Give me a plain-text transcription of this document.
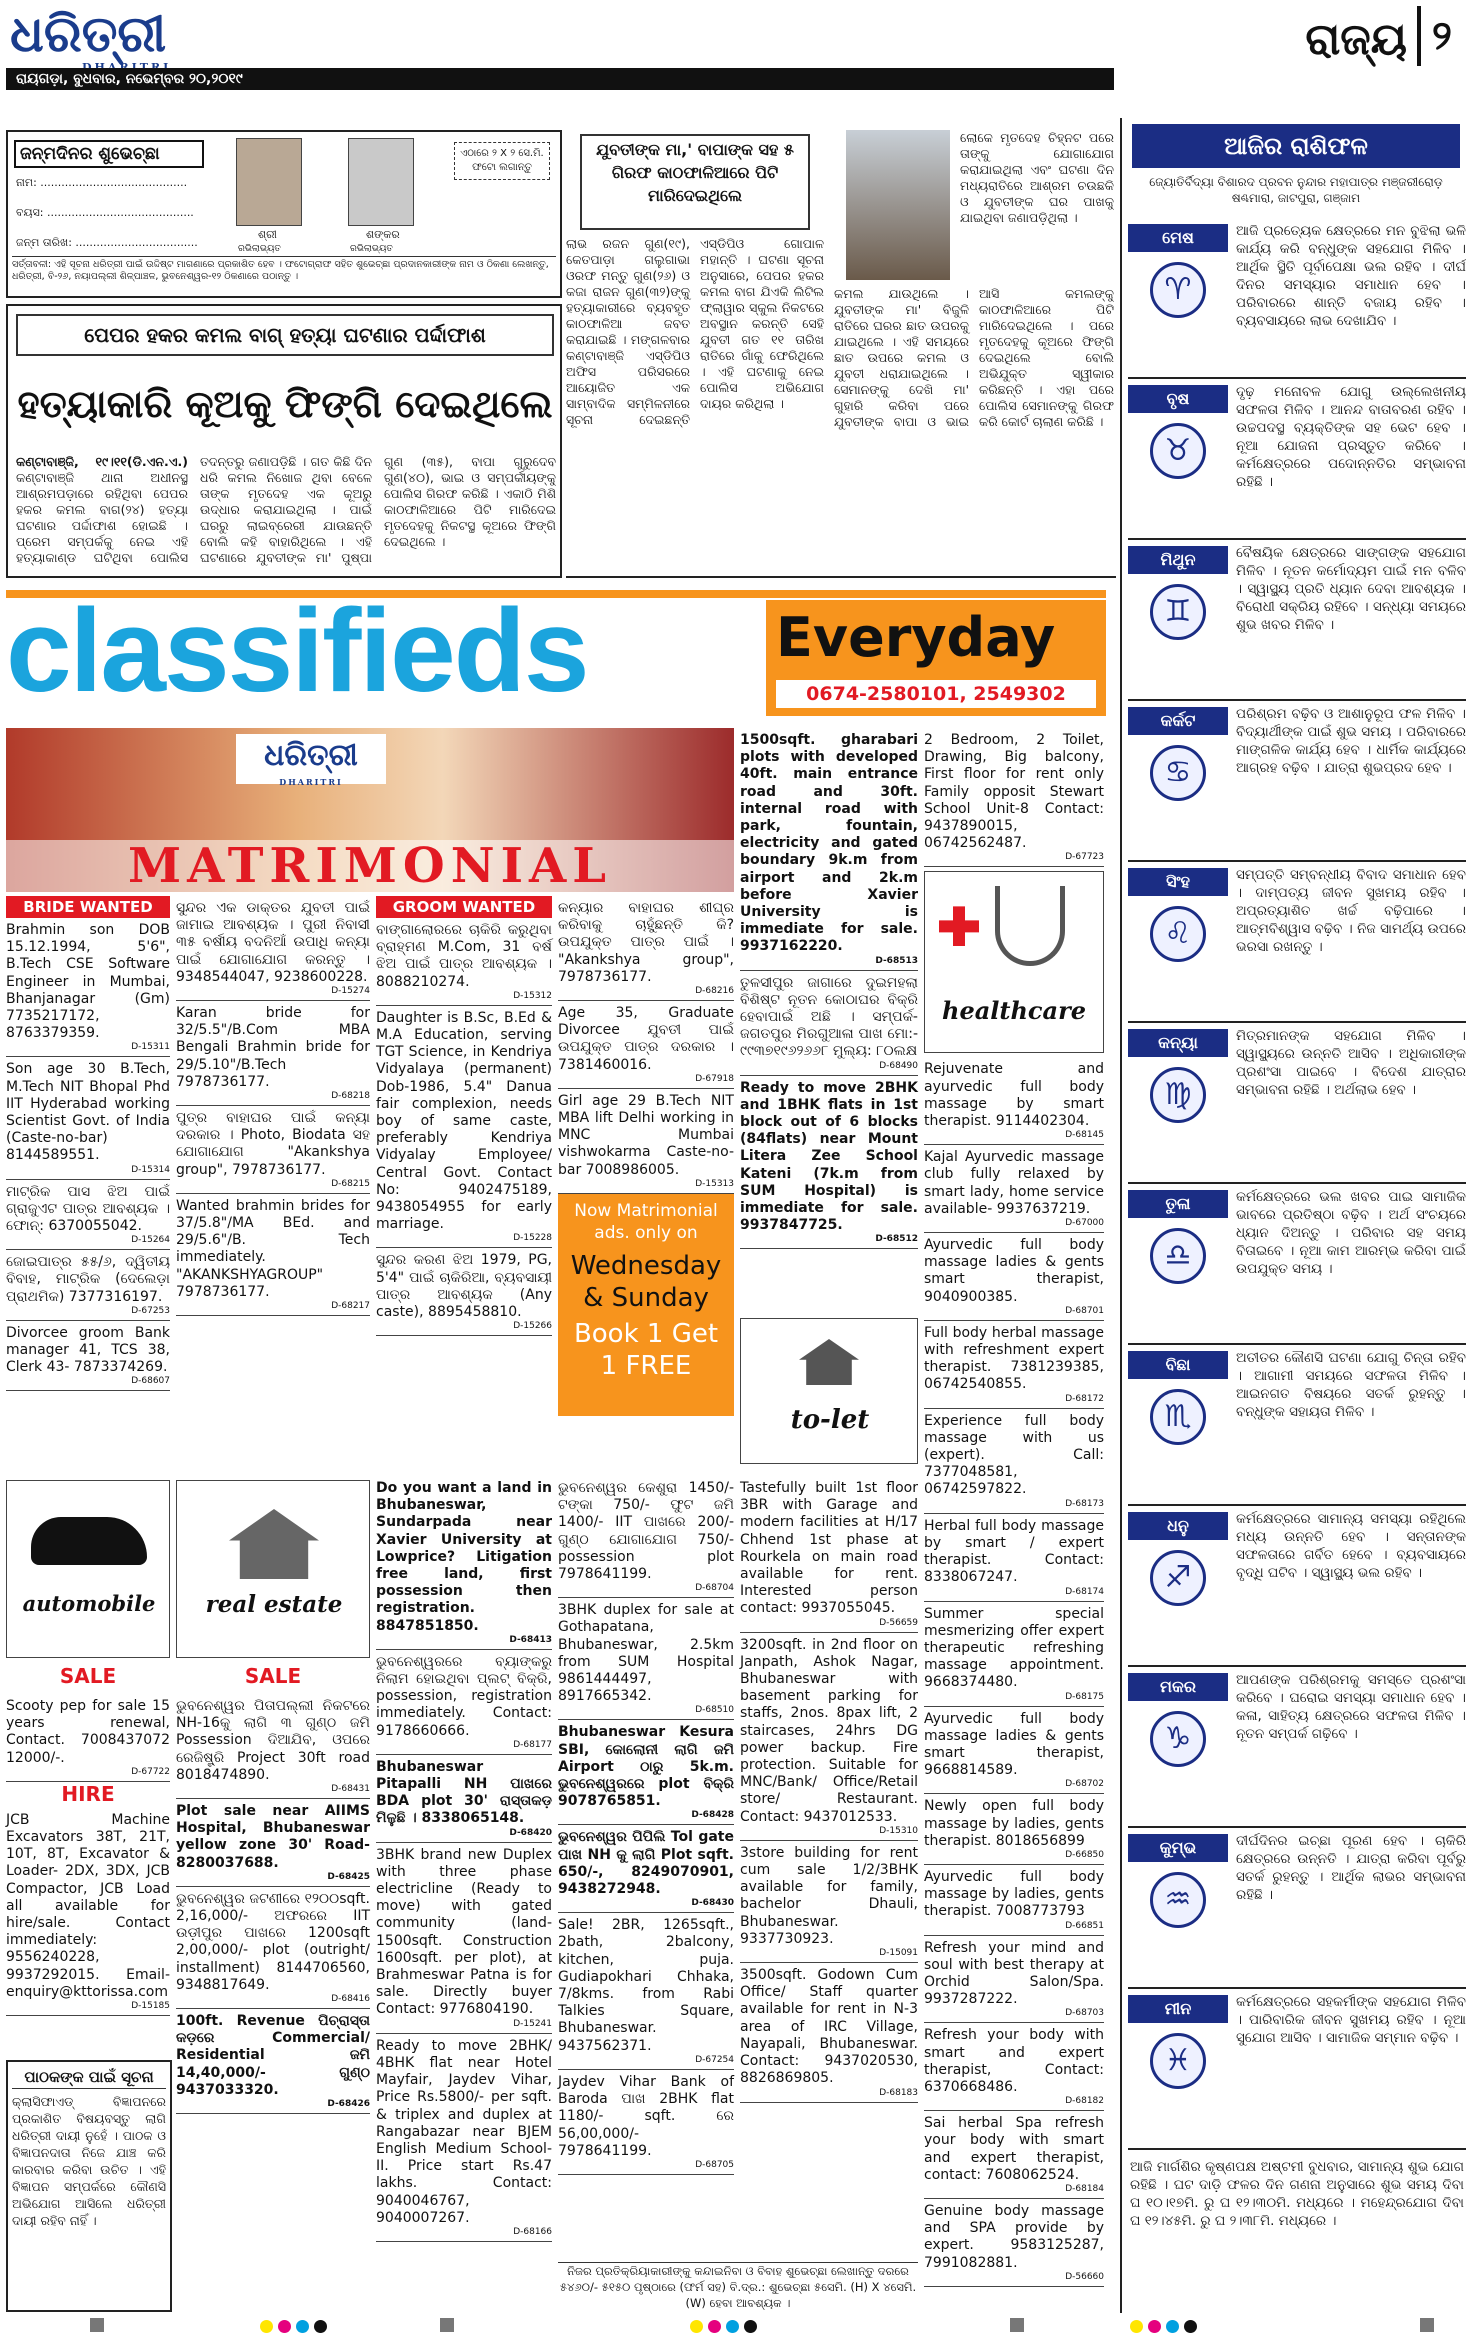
ଧରିତ୍ରୀ	ରାଜ୍ୟ ୨
ରାୟଗଡ଼ା, ବୁଧବାର, ନଭେମ୍ବର ୨୦,୨୦୧୯
ଜନ୍ମଦିନର ଶୁଭେଚ୍ଛା
ନାମ: ..........................................
ବୟସ: ..........................................
ଜନ୍ମ ତାରିଖ: ...................................
ଶ୍ରୀ
ରଭିଲାଭ୍‌ୟତ
ଶଙ୍କର
ରଭିଲାଭ୍‌ୟତ
ଏଠାରେ ୨ X ୨ ସେ.ମି. ଫଟୋ ଲଗାନ୍ତୁ
ସର୍ତ୍ତାବଳୀ: ଏହି ସୂଚନା ଧରିତ୍ରୀ ପାଇଁ ଉଦ୍ଦିଷ୍ଟ ମାଗଣାରେ ପ୍ରକାଶିତ ହେବ । ଫଟୋଗ୍ରାଫ ସହିତ ଶୁଭେଚ୍ଛା ପ୍ରଦାନକାରୀଙ୍କ ନାମ ଓ ଠିକଣା ଲେଖନ୍ତୁ, ଧରିତ୍ରୀ, ବି-୨୬, ନୟାପଲ୍ଲୀ ଶିଳ୍ପାଞ୍ଚଳ, ଭୁବନେଶ୍ୱର-୧୨ ଠିକଣାରେ ପଠାନ୍ତୁ ।
ପେପର ହକର କମଲ ବାଗ୍‌ ହତ୍ୟା ଘଟଣାର ପର୍ଦ୍ଦାଫାଶ
ହତ୍ୟାକାରି କୂଅକୁ ଫିଙ୍ଗି ଦେଇଥିଲେ
କଣ୍ଟାବାଞ୍ଜି, ୧୯।୧୧(ଡି.ଏନ.ଏ.) କଣ୍ଟାବାଞ୍ଜି ଥାନା ଅଧୀନସ୍ଥ ଆଶ୍ରମପଡ଼ାରେ ରହିଥିବା ପେପର ହକର କମଲ ବାଗ(୨୪) ହତ୍ୟା ଘଟଣାର ପର୍ଦ୍ଦାଫାଶ ହୋଇଛି । ପ୍ରେମ ସମ୍ପର୍କକୁ ନେଇ ଏହି ହତ୍ୟାକାଣ୍ଡ ଘଟିଥିବା ପୋଲିସ ତଦନ୍ତରୁ ଜଣାପଡ଼ିଛି । ଗତ କିଛି ଦିନ ଧରି କମଲ ନିଖୋଜ ଥିବା ବେଳେ ତାଙ୍କ ମୃତଦେହ ଏକ କୂଅରୁ ଉଦ୍ଧାର କରାଯାଇଥିଲା । ପାଇଁ ଘରରୁ ଲାଇବ୍ରେରୀ ଯାଉଛନ୍ତି ବୋଲି କହି ବାହାରିଥିଲେ । ଏହି ଘଟଣାରେ ଯୁବତୀଙ୍କ ମା' ପୁଷ୍ପା ଗୁଣ (୩୫), ବାପା ଗୁରୁଦେବ ଗୁଣ(୪୦), ଭାଇ ଓ ସମ୍ପର୍କୀୟଙ୍କୁ ପୋଲିସ ଗିରଫ କରିଛି । ଏକାଠି ମିଶି କାଠଫାଳିଆରେ ପିଟି ମାରିଦେଇ ମୃତଦେହକୁ ନିକଟସ୍ଥ କୂଅରେ ଫିଙ୍ଗି ଦେଇଥିଲେ ।
ଯୁବତୀଙ୍କ ମା,' ବାପାଙ୍କ ସହ ୫ ଗିରଫ କାଠଫାଳିଆରେ ପିଟି ମାରିଦେଇଥିଲେ
ଲୋକେ ମୃତଦେହ ଚିହ୍ନଟ ପରେ ତାଙ୍କୁ ଯୋଗାଯୋଗ କରାଯାଇଥିଲା ଏବଂ ଘଟଣା ଦିନ ମଧ୍ୟରାତିରେ ଆଶ୍ରମ ଚଉଛକି ଓ ଯୁବତୀଙ୍କ ଘର ପାଖକୁ ଯାଇଥିବା ଜଣାପଡ଼ିଥିଲା ।
ଲାଭ ରଜନ ଗୁଣ(୧୯), କେତପାଡ଼ା ଗଲୁଗାଭା ଓରଫ ମନ୍ତୁ ଗୁଣ(୨୬) ଓ କଜା ରାଜନ ଗୁଣ(୩୨)ଙ୍କୁ ହତ୍ୟାକାରୀରେ ବ୍ୟବହୃତ କାଠଫାଳିଆ ଜବତ କରାଯାଇଛି । ମଙ୍ଗଳବାର କଣ୍ଟାବାଞ୍ଜି ଏସ୍‌ଡିପିଓ ଅଫିସ ପରିସରରେ ଆୟୋଜିତ ଏକ ସାମ୍ବାଦିକ ସମ୍ମିଳନୀରେ ସୂଚନା ଦେଇଛନ୍ତି ଏସ୍‌ଡିପିଓ ଗୋପାଳ ମହାନ୍ତି । ଘଟଣା ସୂଚନା ଅନୁସାରେ, ପେପର ହକର କମଲ ବାଗ ଯିଏକି ଲିଟିଲ ଫ୍ଲାୱାର ସ୍କୁଲ ନିକଟରେ ଅବସ୍ଥାନ କରନ୍ତି ସେହି ଯୁବତୀ ଗତ ୧୧ ତାରିଖ ରାତିରେ ଗାଁକୁ ଫେରିଥିଲେ । ଏହି ଘଟଣାକୁ ନେଇ ପୋଲିସ ଅଭିଯୋଗ ଦାୟର କରିଥିଲା ।
କମଲ ଯାଉଥିଲେ । ଯୁବତୀଙ୍କ ମା' ବିଜୁଳି ରାତିରେ ଘରର ଛାତ ଉପରକୁ ଯାଇଥିଲେ । ଏହି ସମୟରେ ଛାତ ଉପରେ କମଲ ଓ ଯୁବତୀ ଧରାଯାଇଥିଲେ । ସେମାନଙ୍କୁ ଦେଖି ମା' ଗୁହାରି କରିବା ପରେ ଯୁବତୀଙ୍କ ବାପା ଓ ଭାଇ ଆସି କମଲଙ୍କୁ କାଠଫାଳିଆରେ ପିଟି ମାରିଦେଇଥିଲେ । ପରେ ମୃତଦେହକୁ କୂଅରେ ଫିଙ୍ଗି ଦେଇଥିଲେ ବୋଲି ଅଭିଯୁକ୍ତ ସ୍ୱୀକାର କରିଛନ୍ତି । ଏହା ପରେ ପୋଲିସ ସେମାନଙ୍କୁ ଗିରଫ କରି କୋର୍ଟ ଚାଲାଣ କରିଛି ।
ଆଜିର ରାଶିଫଳ
ଜ୍ୟୋତିର୍ବିଦ୍ୟା ବିଶାରଦ ପ୍ରବନ ନୁନ୍ଦାର ମହାପାତ୍ର ମଞ୍ଜରୀରୋଡ଼ ଷଣ୍ଢମାରା, ଜାଟପୁରା, ଗଞ୍ଜାମ
ମେଷ
♈
ଆଜି ପ୍ରତ୍ୟେକ କ୍ଷେତ୍ରରେ ମନ ବୁଝିଲା ଭଳି କାର୍ଯ୍ୟ କରି ବନ୍ଧୁଙ୍କ ସହଯୋଗ ମିଳିବ । ଆର୍ଥିକ ସ୍ଥିତି ପୂର୍ବାପେକ୍ଷା ଭଲ ରହିବ । ଦୀର୍ଘ ଦିନର ସମସ୍ୟାର ସମାଧାନ ହେବ । ପରିବାରରେ ଶାନ୍ତି ବଜାୟ ରହିବ । ବ୍ୟବସାୟରେ ଲାଭ ଦେଖାଯିବ ।
ବୃଷ
♉
ଦୃଢ଼ ମନୋବଳ ଯୋଗୁ ଉଲ୍ଲେଖନୀୟ ସଫଳତା ମିଳିବ । ଆନନ୍ଦ ବାତାବରଣ ରହିବ । ଉଚ୍ଚପଦସ୍ଥ ବ୍ୟକ୍ତିଙ୍କ ସହ ଭେଟ ହେବ । ନୂଆ ଯୋଜନା ପ୍ରସ୍ତୁତ କରିବେ । କର୍ମକ୍ଷେତ୍ରରେ ପଦୋନ୍ନତିର ସମ୍ଭାବନା ରହିଛି ।
ମିଥୁନ
♊
ବୈଷୟିକ କ୍ଷେତ୍ରରେ ସାଙ୍ଗଙ୍କ ସହଯୋଗ ମିଳିବ । ନୂତନ କର୍ମୋଦ୍ୟମ ପାଇଁ ମନ ବଳିବ । ସ୍ୱାସ୍ଥ୍ୟ ପ୍ରତି ଧ୍ୟାନ ଦେବା ଆବଶ୍ୟକ । ବିରୋଧୀ ସକ୍ରିୟ ରହିବେ । ସନ୍ଧ୍ୟା ସମୟରେ ଶୁଭ ଖବର ମିଳିବ ।
କର୍କଟ
♋
ପରିଶ୍ରମ ବଢ଼ିବ ଓ ଆଶାନୁରୂପ ଫଳ ମିଳିବ । ବିଦ୍ୟାର୍ଥୀଙ୍କ ପାଇଁ ଶୁଭ ସମୟ । ପରିବାରରେ ମାଙ୍ଗଳିକ କାର୍ଯ୍ୟ ହେବ । ଧାର୍ମିକ କାର୍ଯ୍ୟରେ ଆଗ୍ରହ ବଢ଼ିବ । ଯାତ୍ରା ଶୁଭପ୍ରଦ ହେବ ।
ସିଂହ
♌
ସମ୍ପତ୍ତି ସମ୍ବନ୍ଧୀୟ ବିବାଦ ସମାଧାନ ହେବ । ଦାମ୍ପତ୍ୟ ଜୀବନ ସୁଖମୟ ରହିବ । ଅପ୍ରତ୍ୟାଶିତ ଖର୍ଚ୍ଚ ବଢ଼ିପାରେ । ଆତ୍ମବିଶ୍ୱାସ ବଢ଼ିବ । ନିଜ ସାମର୍ଥ୍ୟ ଉପରେ ଭରସା ରଖନ୍ତୁ ।
କନ୍ୟା
♍
ମିତ୍ରମାନଙ୍କ ସହଯୋଗ ମିଳିବ । ସ୍ୱାସ୍ଥ୍ୟରେ ଉନ୍ନତି ଆସିବ । ଅଧିକାରୀଙ୍କ ପ୍ରଶଂସା ପାଇବେ । ବିଦେଶ ଯାତ୍ରାର ସମ୍ଭାବନା ରହିଛି । ଅର୍ଥଲାଭ ହେବ ।
ତୁଳା
♎
କର୍ମକ୍ଷେତ୍ରରେ ଭଲ ଖବର ପାଇ ସାମାଜିକ ଭାବରେ ପ୍ରତିଷ୍ଠା ବଢ଼ିବ । ଅର୍ଥ ସଂଚୟରେ ଧ୍ୟାନ ଦିଅନ୍ତୁ । ପରିବାର ସହ ସମୟ ବିତାଇବେ । ନୂଆ କାମ ଆରମ୍ଭ କରିବା ପାଇଁ ଉପଯୁକ୍ତ ସମୟ ।
ବିଛା
♏
ଅତୀତର କୌଣସି ଘଟଣା ଯୋଗୁ ଚିନ୍ତା ରହିବ । ଆଗାମୀ ସମୟରେ ସଫଳତା ମିଳିବ । ଆଇନଗତ ବିଷୟରେ ସତର୍କ ରୁହନ୍ତୁ । ବନ୍ଧୁଙ୍କ ସହାୟତା ମିଳିବ ।
ଧନୁ
♐
କର୍ମକ୍ଷେତ୍ରରେ ସାମାନ୍ୟ ସମସ୍ୟା ରହିଥିଲେ ମଧ୍ୟ ଉନ୍ନତି ହେବ । ସନ୍ତାନଙ୍କ ସଫଳତାରେ ଗର୍ବିତ ହେବେ । ବ୍ୟବସାୟରେ ବୃଦ୍ଧି ଘଟିବ । ସ୍ୱାସ୍ଥ୍ୟ ଭଲ ରହିବ ।
ମକର
♑
ଆପଣଙ୍କ ପରିଶ୍ରମକୁ ସମସ୍ତେ ପ୍ରଶଂସା କରିବେ । ଘରୋଇ ସମସ୍ୟା ସମାଧାନ ହେବ । କଳା, ସାହିତ୍ୟ କ୍ଷେତ୍ରରେ ସଫଳତା ମିଳିବ । ନୂତନ ସମ୍ପର୍କ ଗଢ଼ିବେ ।
କୁମ୍ଭ
♒
ଦୀର୍ଘଦିନର ଇଚ୍ଛା ପୂରଣ ହେବ । ଚାକିରି କ୍ଷେତ୍ରରେ ଉନ୍ନତି । ଯାତ୍ରା କରିବା ପୂର୍ବରୁ ସତର୍କ ରୁହନ୍ତୁ । ଆର୍ଥିକ ଲାଭର ସମ୍ଭାବନା ରହିଛି ।
ମୀନ
♓
କର୍ମକ୍ଷେତ୍ରରେ ସହକର୍ମୀଙ୍କ ସହଯୋଗ ମିଳିବ । ପାରିବାରିକ ଜୀବନ ସୁଖମୟ ରହିବ । ନୂଆ ସୁଯୋଗ ଆସିବ । ସାମାଜିକ ସମ୍ମାନ ବଢ଼ିବ ।
ଆଜି ମାର୍ଗଶିର କୃଷ୍ଣପକ୍ଷ ଅଷ୍ଟମୀ ବୁଧବାର, ସାମାନ୍ୟ ଶୁଭ ଯୋଗ ରହିଛି । ଘଟ ଦାଡ଼ି ଫଳର ଦିନ ଗଣନା ଅନୁସାରେ ଶୁଭ ସମୟ ଦିବା ଘ ୧୦।୧୭ମି. ରୁ ଘ ୧୨।୩୦ମି. ମଧ୍ୟରେ । ମହେନ୍ଦ୍ରଯୋଗ ଦିବା ଘ ୧୨।୪୫ମି. ରୁ ଘ ୨।୩୮ମି. ମଧ୍ୟରେ ।
classifieds	Everyday
0674-2580101, 2549302
ଧରିତ୍ରୀ
DHARITRI
MATRIMONIAL
BRIDE WANTED
Brahmin son DOB 15.12.1994, 5'6", B.Tech CSE Software Engineer in Mumbai, Bhanjanagar (Gm) 7735217172, 8763379359.
D-15311
Son age 30 B.Tech, M.Tech NIT Bhopal Phd IIT Hyderabad working Scientist Govt. of India (Caste-no-bar) 8144589551.
D-15314
ମାଟ୍ରିକ ପାସ ଝିଅ ପାଇଁ ଗ୍ରାଜୁଏଟ ପାତ୍ର ଆବଶ୍ୟକ । ଫୋନ୍: 6370055042.
D-15264
ଜୋଇପାତ୍ର ୫୫/୬, ଦ୍ୱିତୀୟ ବିବାହ, ମାଟ୍ରିକ (ଦେଲେଡ଼ା ପ୍ରାଥମିକ) 7377316197.
D-67253
Divorcee groom Bank manager 41, TCS 38, Clerk 43- 7873374269.
D-68607
ସୁନ୍ଦର ଏକ ଡାକ୍ତର ଯୁବତୀ ପାଇଁ ଜାମାଇ ଆବଶ୍ୟକ । ପୁରୀ ନିବାସୀ ୩୫ ବର୍ଷୀୟ ବଦନିଆଁ ଉପାଧି କନ୍ୟା ପାଇଁ ଯୋଗାଯୋଗ କରନ୍ତୁ । 9348544047, 9238600228.
D-15274
Karan bride for 32/5.5"/B.Com MBA Bengali Brahmin bride for 29/5.10"/B.Tech 7978736177.
D-68218
ପୁତ୍ର ବାହାଘର ପାଇଁ କନ୍ୟା ଦରକାର । Photo, Biodata ସହ ଯୋଗାଯୋଗ "Akankshya group", 7978736177.
D-68215
Wanted brahmin brides for 37/5.8"/MA BEd. and 29/5.6"/B. Tech immediately. "AKANKSHYAGROUP" 7978736177.
D-68217
GROOM WANTED
ବାଙ୍ଗାଲୋରରେ ଚାକିରି କରୁଥିବା ବ୍ରାହ୍ମଣ M.Com, 31 ବର୍ଷ ଝିଅ ପାଇଁ ପାତ୍ର ଆବଶ୍ୟକ । 8088210274.
D-15312
Daughter is B.Sc, B.Ed & M.A Education, serving TGT Science, in Kendriya Vidyalaya (permanent) Dob-1986, 5.4" Danua fair complexion, needs boy of same caste, preferably Kendriya Vidyalay Employee/ Central Govt. Contact No: 9402475189, 9438054955 for early marriage.
D-15228
ସୁନ୍ଦର କରଣ ଝିଅ 1979, PG, 5'4" ପାଇଁ ଚାକିରିଆ, ବ୍ୟବସାୟୀ ପାତ୍ର ଆବଶ୍ୟକ (Any caste), 8895458810.
D-15266
କନ୍ୟାର ବାହାଘର ଶୀଘ୍ର କରିବାକୁ ଚାହୁଁଛନ୍ତି କି? ଉପଯୁକ୍ତ ପାତ୍ର ପାଇଁ । "Akankshya group", 7978736177.
D-68216
Age 35, Graduate Divorcee ଯୁବତୀ ପାଇଁ ଉପଯୁକ୍ତ ପାତ୍ର ଦରକାର । 7381460016.
D-67918
Girl age 29 B.Tech NIT MBA lift Delhi working in MNC Mumbai vishwokarma Caste-no-bar 7008986005.
D-15313
Now Matrimonial ads. only on
Wednesday & Sunday
Book 1 Get 1 FREE
1500sqft. gharabari plots with developed 40ft. main entrance road and 30ft. internal road with park, fountain, electricity and gated boundary 9k.m from airport and 2k.m before Xavier University is immediate for sale. 9937162220.
D-68513
ତୁଳସୀପୁର ଜାଗାରେ ଦୁଇମହଲା ବିଶିଷ୍ଟ ନୂତନ କୋଠାଘର ବିକ୍ରି ହେବାପାଇଁ ଅଛି । ସମ୍ପର୍କ- ଜଗତପୁର ମିରଗୁଆଳା ପାଖ ମୋ:- ୯୯୩୭୧୯୬୨୬୬୮ ମୁଲ୍ୟ: ୮୦ଲକ୍ଷ
D-68490
Ready to move 2BHK and 1BHK flats in 1st block out of 6 blocks (84flats) near Mount Litera Zee School Kateni (7k.m from SUM Hospital) is immediate for sale. 9937847725.
D-68512
to-let
2 Bedroom, 2 Toilet, Drawing, Big balcony, First floor for rent only Family opposit Stewart School Unit-8 Contact: 9437890015, 06742562487.
D-67723
healthcare
Rejuvenate and ayurvedic full body massage by smart therapist. 9114402304.
D-68145
Kajal Ayurvedic massage club fully relaxed by smart lady, home service available- 9937637219.
D-67000
Ayurvedic full body massage ladies & gents smart therapist, 9040900385.
D-68701
Full body herbal massage with refreshment expert therapist. 7381239385, 06742540855.
D-68172
Experience full body massage with us (expert). Call: 7377048581, 06742597822.
D-68173
Herbal full body massage by smart / expert therapist. Contact: 8338067247.
D-68174
Summer special mesmerizing offer expert therapeutic refreshing massage appointment. 9668374480.
D-68175
Ayurvedic full body massage ladies & gents smart therapist, 9668814589.
D-68702
Newly open full body massage by ladies, gents therapist. 8018656899
D-66850
Ayurvedic full body massage by ladies, gents therapist. 7008773793
D-66851
Refresh your mind and soul with best therapy at Orchid Salon/Spa. 9937287222.
D-68703
Refresh your body with smart and expert therapist, Contact: 6370668486.
D-68182
Sai herbal Spa refresh your body with smart and expert therapist, contact: 7608062524.
D-68184
Genuine body massage and SPA provide by expert. 9583125287, 7991082881.
D-56660
automobile
SALE
real estate
SALE
Scooty pep for sale 15 years renewal, Contact. 7008437072 12000/-.
D-67722
HIRE
JCB Machine Excavators 38T, 21T, 10T, 8T, Excavator & Loader- 2DX, 3DX, JCB Compactor, JCB Load all available for hire/sale. Contact immediately: 9556240228, 9937292015. Email- enquiry@kttorissa.com
D-15185
ପାଠକଙ୍କ ପାଇଁ ସୂଚନା
କ୍ଲାସିଫାଏଡ୍ ବିଜ୍ଞାପନରେ ପ୍ରକାଶିତ ବିଷୟବସ୍ତୁ ଲାଗି ଧରିତ୍ରୀ ଦାୟୀ ନୁହେଁ । ପାଠକ ଓ ବିଜ୍ଞାପନଦାତା ନିଜେ ଯାଞ୍ଚ କରି କାରବାର କରିବା ଉଚିତ । ଏହି ବିଜ୍ଞାପନ ସମ୍ପର୍କରେ କୌଣସି ଅଭିଯୋଗ ଆସିଲେ ଧରିତ୍ରୀ ଦାୟୀ ରହିବ ନାହିଁ ।
ଭୁବନେଶ୍ୱର ପିତାପଲ୍ଲୀ ନିକଟରେ NH-16କୁ ଲାଗି ୩ ଗୁଣ୍ଠ ଜମି Possession ଦିଆଯିବ, ଓପରେ ରେଜିଷ୍ଟ୍ରି Project 30ft road 8018474890.
D-68431
Plot sale near AIIMS Hospital, Bhubaneswar yellow zone 30' Road- 8280037688.
D-68425
ଭୁବନେଶ୍ୱର ଜଟଣୀରେ ୧୨୦୦sqft. 2,16,000/- ଅଫରରେ IIT ଉଡ଼ୀପୁର ପାଖରେ 1200sqft 2,00,000/- plot (outright/ installment) 8144706560, 9348817649.
D-68416
100ft. Revenue ପିଚ୍‌ରାସ୍ତା କଡ଼ରେ Commercial/ Residential ଜମି 14,40,000/- ଗୁଣ୍ଠ 9437033320.
D-68426
Do you want a land in Bhubaneswar, Sundarpada near Xavier University at Lowprice? Litigation free land, first possession then registration. 8847851850.
D-68413
ଭୁବନେଶ୍ୱରରେ ବ୍ୟାଙ୍କରୁ ନିଲାମ ହୋଇଥିବା ପ୍ଲଟ୍ ବିକ୍ରି, possession, registration immediately. Contact: 9178660666.
D-68177
Bhubaneswar Pitapalli NH ପାଖରେ BDA plot 30' ରାସ୍ତାକଡ଼ ମିଳୁଛି । 8338065148.
D-68420
3BHK brand new Duplex with three phase electricline (Ready to move) with gated community (land- 1500sqft. Construction 1600sqft. per plot), at Brahmeswar Patna is for sale. Directly buyer Contact: 9776804190.
D-15241
Ready to move 2BHK/ 4BHK flat near Hotel Mayfair, Jaydev Vihar, Price Rs.5800/- per sqft. & triplex and duplex at Rangabazar near BJEM English Medium School-II. Price start Rs.47 lakhs. Contact: 9040046767, 9040007267.
D-68166
ଭୁବନେଶ୍ୱର କେଶୁରା 1450/- ଟଙ୍କା 750/- ଫୁଟ ଜମି 1400/- IIT ପାଖରେ 200/- ଗୁଣ୍ଠ ଯୋଗାଯୋଗ 750/- possession plot 7978641199.
D-68704
3BHK duplex for sale at Gothapatana, Bhubaneswar, 2.5km from SUM Hospital 9861444497, 8917665342.
D-68510
Bhubaneswar Kesura SBI, କୋଲୋନୀ ଲାଗି ଜମି Airport ଠାରୁ 5k.m. ଭୁବନେଶ୍ୱରରେ plot ବିକ୍ରି 9078765851.
D-68428
ଭୁବନେଶ୍ୱର ପିପିଲି Tol gate ପାଖ NH କୁ ଲାଗି Plot sqft. 650/-, 8249070901, 9438272948.
D-68430
Sale! 2BR, 1265sqft., 2bath, 2balcony, kitchen, puja. Gudiapokhari Chhaka, 7/8kms. from Rabi Talkies Square, Bhubaneswar. 9437562371.
D-67254
Jaydev Vihar Bank of Baroda ପାଖ 2BHK flat 1180/- sqft. ରେ 56,00,000/- 7978641199.
D-68705
Tastefully built 1st floor 3BR with Garage and modern facilities at H/17 Chhend 1st phase at Rourkela on main road available for rent. Interested person contact: 9937055045.
D-56659
3200sqft. in 2nd floor on Janpath, Ashok Nagar, Bhubaneswar with basement parking for staffs, 2nos. 8pax lift, 2 staircases, 24hrs DG power backup. Fire protection. Suitable for MNC/Bank/ Office/Retail store/ Restaurant. Contact: 9437012533.
D-15310
3store building for rent cum sale 1/2/3BHK available for family, bachelor Dhauli, Bhubaneswar. 9337730923.
D-15091
3500sqft. Godown Cum Office/ Staff quarter available for rent in N-3 area of IRC Village, Nayapali, Bhubaneswar. Contact: 9437020530, 8826869805.
D-68183
ନିଜର ପ୍ରତିକ୍ରିୟାକାରୀଙ୍କୁ କନ୍ଦାଇନିବା ଓ ବିବାହ ଶୁଭେଚ୍ଛା ଲେଖାନ୍ତୁ ଦରରେ ୫୪୬୦/- ୫୧୫୦ ପୃଷ୍ଠାରେ (ଫର୍ମ ସହ) ବି.ଦ୍ର.: ଶୁଭେଚ୍ଛା ୫ସେମି. (H) X ୪ସେମି. (W) ହେବା ଆବଶ୍ୟକ ।
